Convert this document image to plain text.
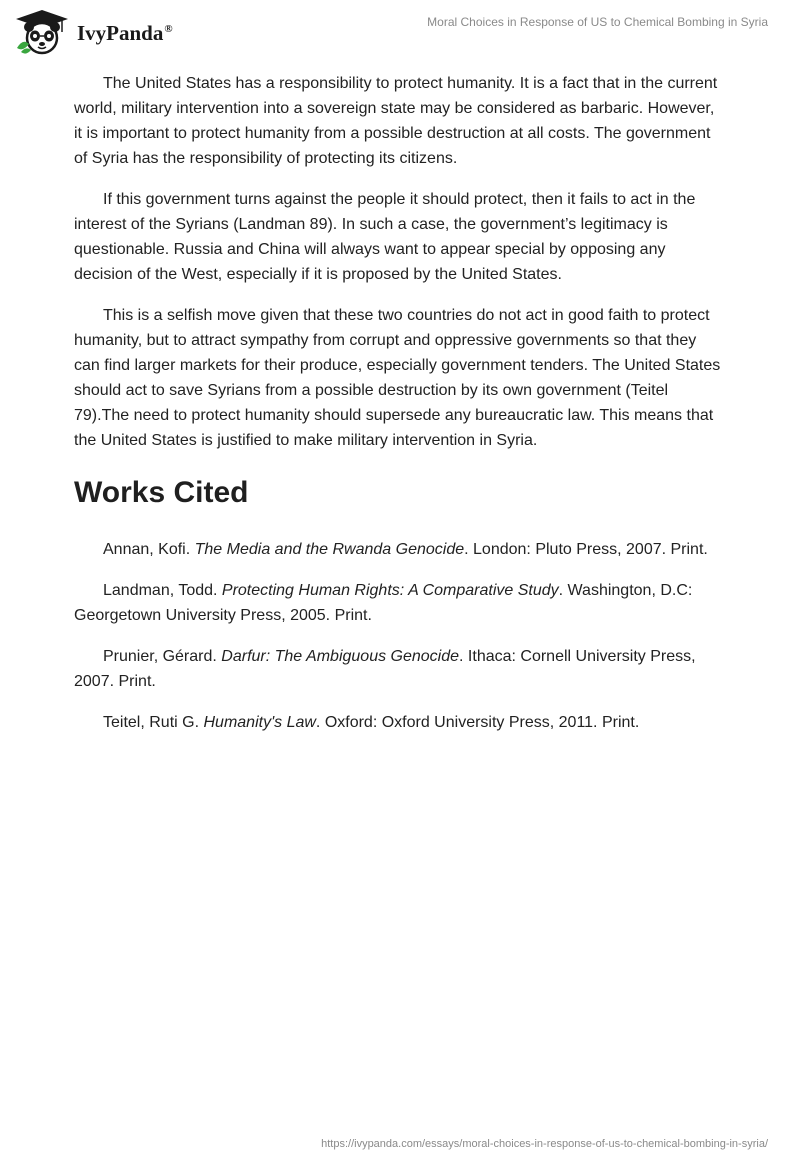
IvyPanda®	Moral Choices in Response of US to Chemical Bombing in Syria

The United States has a responsibility to protect humanity. It is a fact that in the current world, military intervention into a sovereign state may be considered as barbaric. However, it is important to protect humanity from a possible destruction at all costs. The government of Syria has the responsibility of protecting its citizens.

If this government turns against the people it should protect, then it fails to act in the interest of the Syrians (Landman 89). In such a case, the government’s legitimacy is questionable. Russia and China will always want to appear special by opposing any decision of the West, especially if it is proposed by the United States.

This is a selfish move given that these two countries do not act in good faith to protect humanity, but to attract sympathy from corrupt and oppressive governments so that they can find larger markets for their produce, especially government tenders. The United States should act to save Syrians from a possible destruction by its own government (Teitel 79).The need to protect humanity should supersede any bureaucratic law. This means that the United States is justified to make military intervention in Syria.

Works Cited
Annan, Kofi. The Media and the Rwanda Genocide. London: Pluto Press, 2007. Print.
Landman, Todd. Protecting Human Rights: A Comparative Study. Washington, D.C: Georgetown University Press, 2005. Print.
Prunier, Gérard. Darfur: The Ambiguous Genocide. Ithaca: Cornell University Press, 2007. Print.
Teitel, Ruti G. Humanity's Law. Oxford: Oxford University Press, 2011. Print.
https://ivypanda.com/essays/moral-choices-in-response-of-us-to-chemical-bombing-in-syria/
